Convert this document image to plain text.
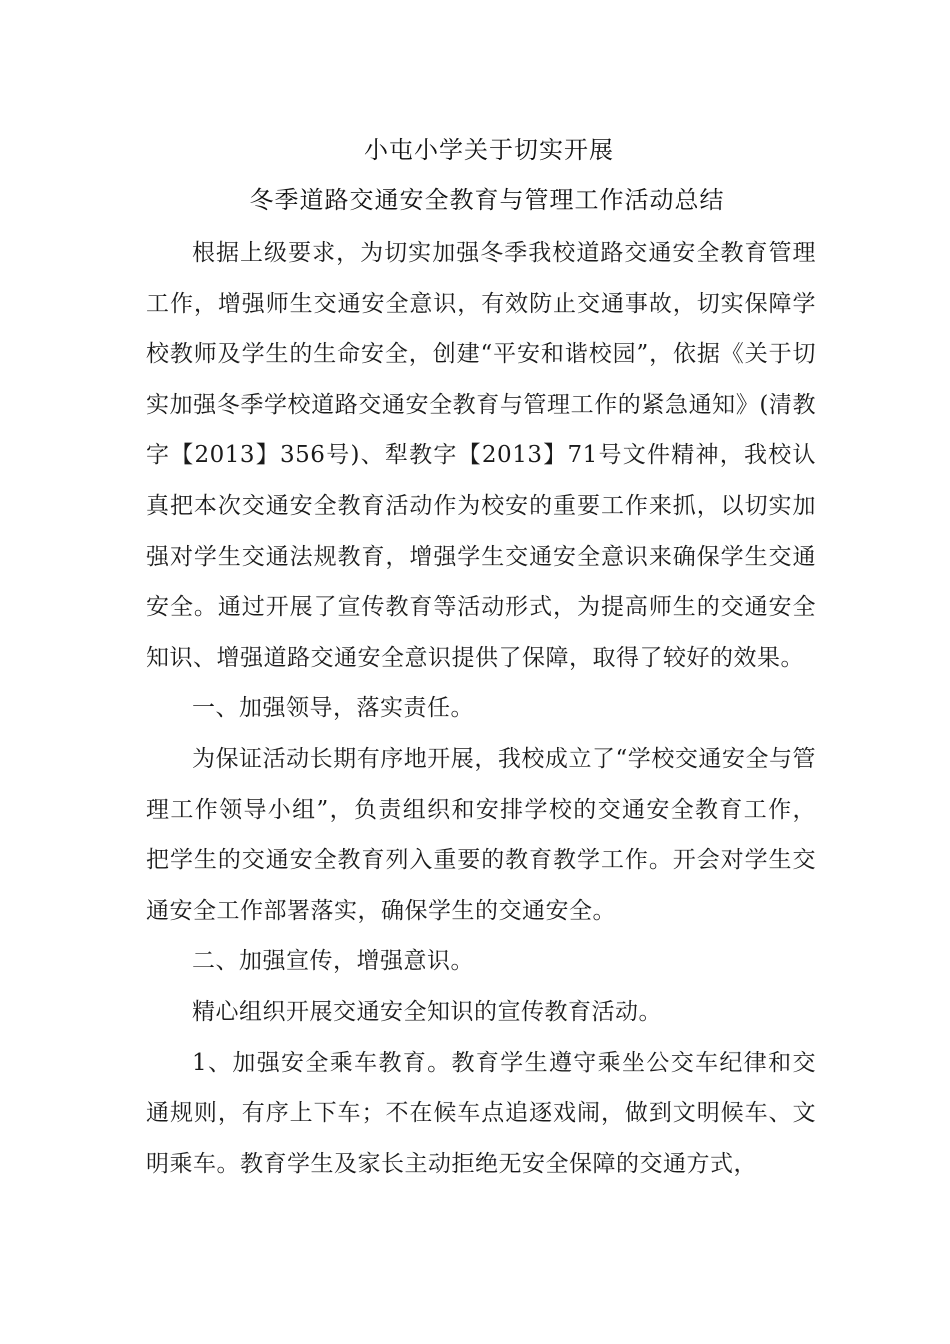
小屯小学关于切实开展
冬季道路交通安全教育与管理工作活动总结

根据上级要求，为切实加强冬季我校道路交通安全教育管理工作，增强师生交通安全意识，有效防止交通事故，切实保障学校教师及学生的生命安全，创建“平安和谐校园”，依据《关于切实加强冬季学校道路交通安全教育与管理工作的紧急通知》(清教字【2013】356号)、犁教字【2013】71号文件精神，我校认真把本次交通安全教育活动作为校安的重要工作来抓，以切实加强对学生交通法规教育，增强学生交通安全意识来确保学生交通安全。通过开展了宣传教育等活动形式，为提高师生的交通安全知识、增强道路交通安全意识提供了保障，取得了较好的效果。

一、加强领导，落实责任。

为保证活动长期有序地开展，我校成立了“学校交通安全与管理工作领导小组”，负责组织和安排学校的交通安全教育工作，把学生的交通安全教育列入重要的教育教学工作。开会对学生交通安全工作部署落实，确保学生的交通安全。

二、加强宣传，增强意识。

精心组织开展交通安全知识的宣传教育活动。

1、加强安全乘车教育。教育学生遵守乘坐公交车纪律和交通规则，有序上下车；不在候车点追逐戏闹，做到文明候车、文明乘车。教育学生及家长主动拒绝无安全保障的交通方式，
